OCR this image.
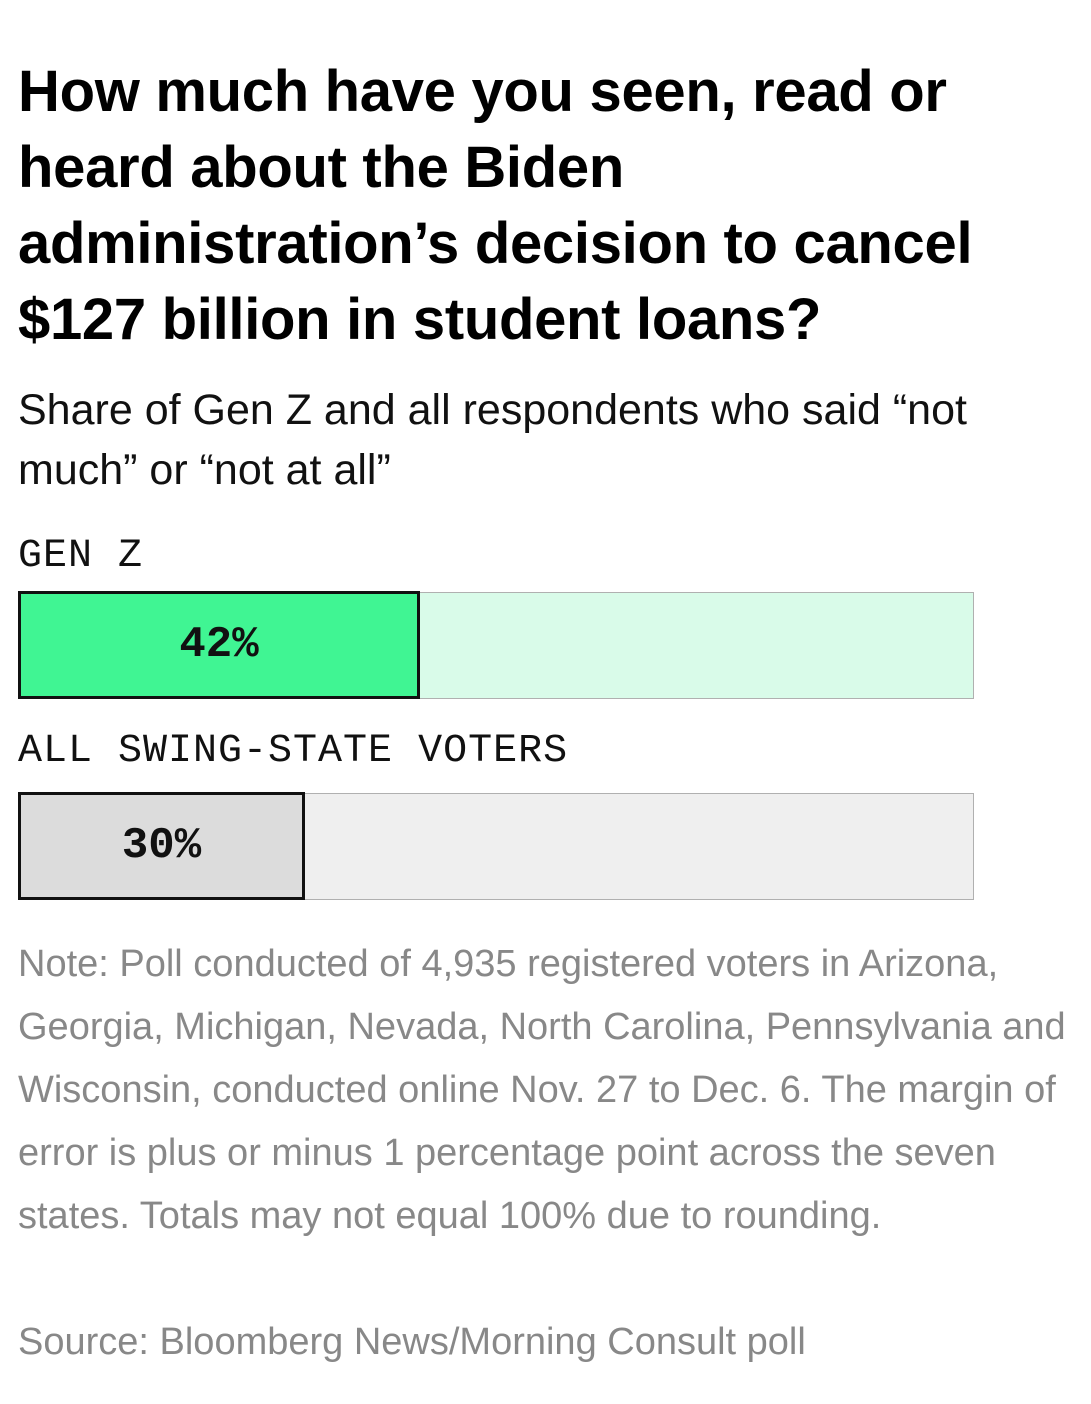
How much have you seen, read or heard about the Biden administration’s decision to cancel $127 billion in student loans?

Share of Gen Z and all respondents who said “not much” or “not at all”

GEN Z
42%
ALL SWING-STATE VOTERS
30%

Note: Poll conducted of 4,935 registered voters in Arizona, Georgia, Michigan, Nevada, North Carolina, Pennsylvania and Wisconsin, conducted online Nov. 27 to Dec. 6. The margin of error is plus or minus 1 percentage point across the seven states. Totals may not equal 100% due to rounding.

Source: Bloomberg News/Morning Consult poll
